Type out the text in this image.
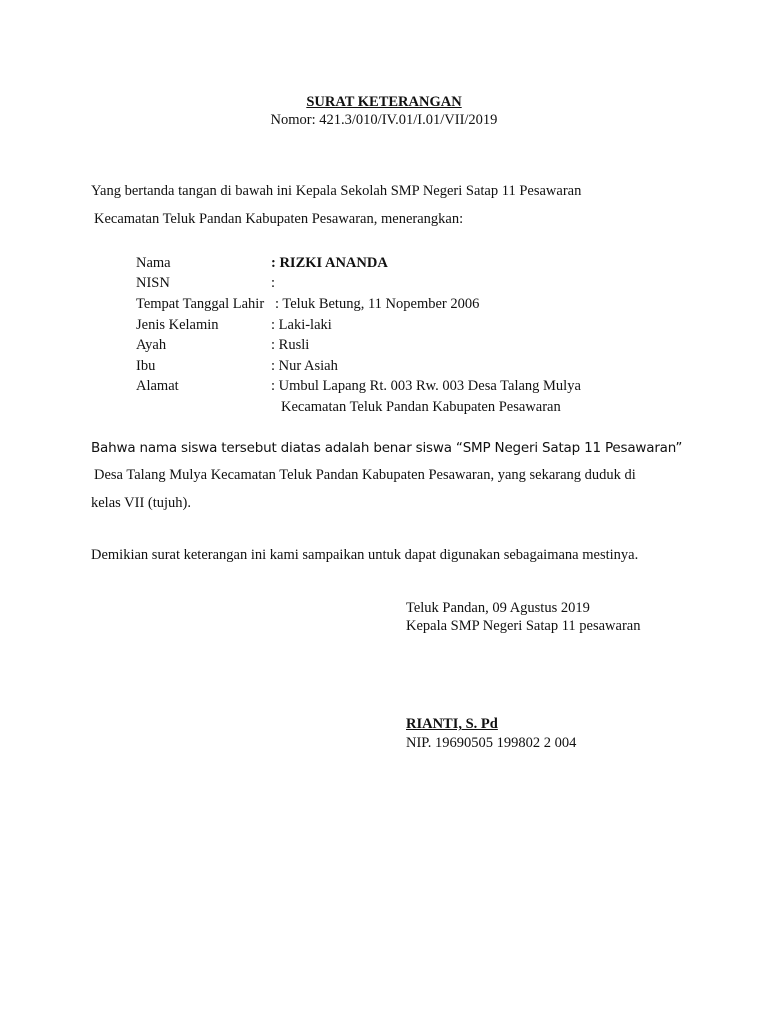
SURAT KETERANGAN
Nomor: 421.3/010/IV.01/I.01/VII/2019
Yang bertanda tangan di bawah ini Kepala Sekolah SMP Negeri Satap 11 Pesawaran
Kecamatan Teluk Pandan Kabupaten Pesawaran, menerangkan:
Nama	: RIZKI ANANDA
NISN	:
Tempat Tanggal Lahir : Teluk Betung, 11 Nopember 2006
Jenis Kelamin	: Laki-laki
Ayah	: Rusli
Ibu	: Nur Asiah
Alamat	: Umbul Lapang Rt. 003 Rw. 003 Desa Talang Mulya
Kecamatan Teluk Pandan Kabupaten Pesawaran
Bahwa nama siswa tersebut diatas adalah benar siswa “SMP Negeri Satap 11 Pesawaran”
Desa Talang Mulya Kecamatan Teluk Pandan Kabupaten Pesawaran, yang sekarang duduk di
kelas VII (tujuh).
Demikian surat keterangan ini kami sampaikan untuk dapat digunakan sebagaimana mestinya.
Teluk Pandan, 09 Agustus 2019
Kepala SMP Negeri Satap 11 pesawaran
RIANTI, S. Pd
NIP. 19690505 199802 2 004
